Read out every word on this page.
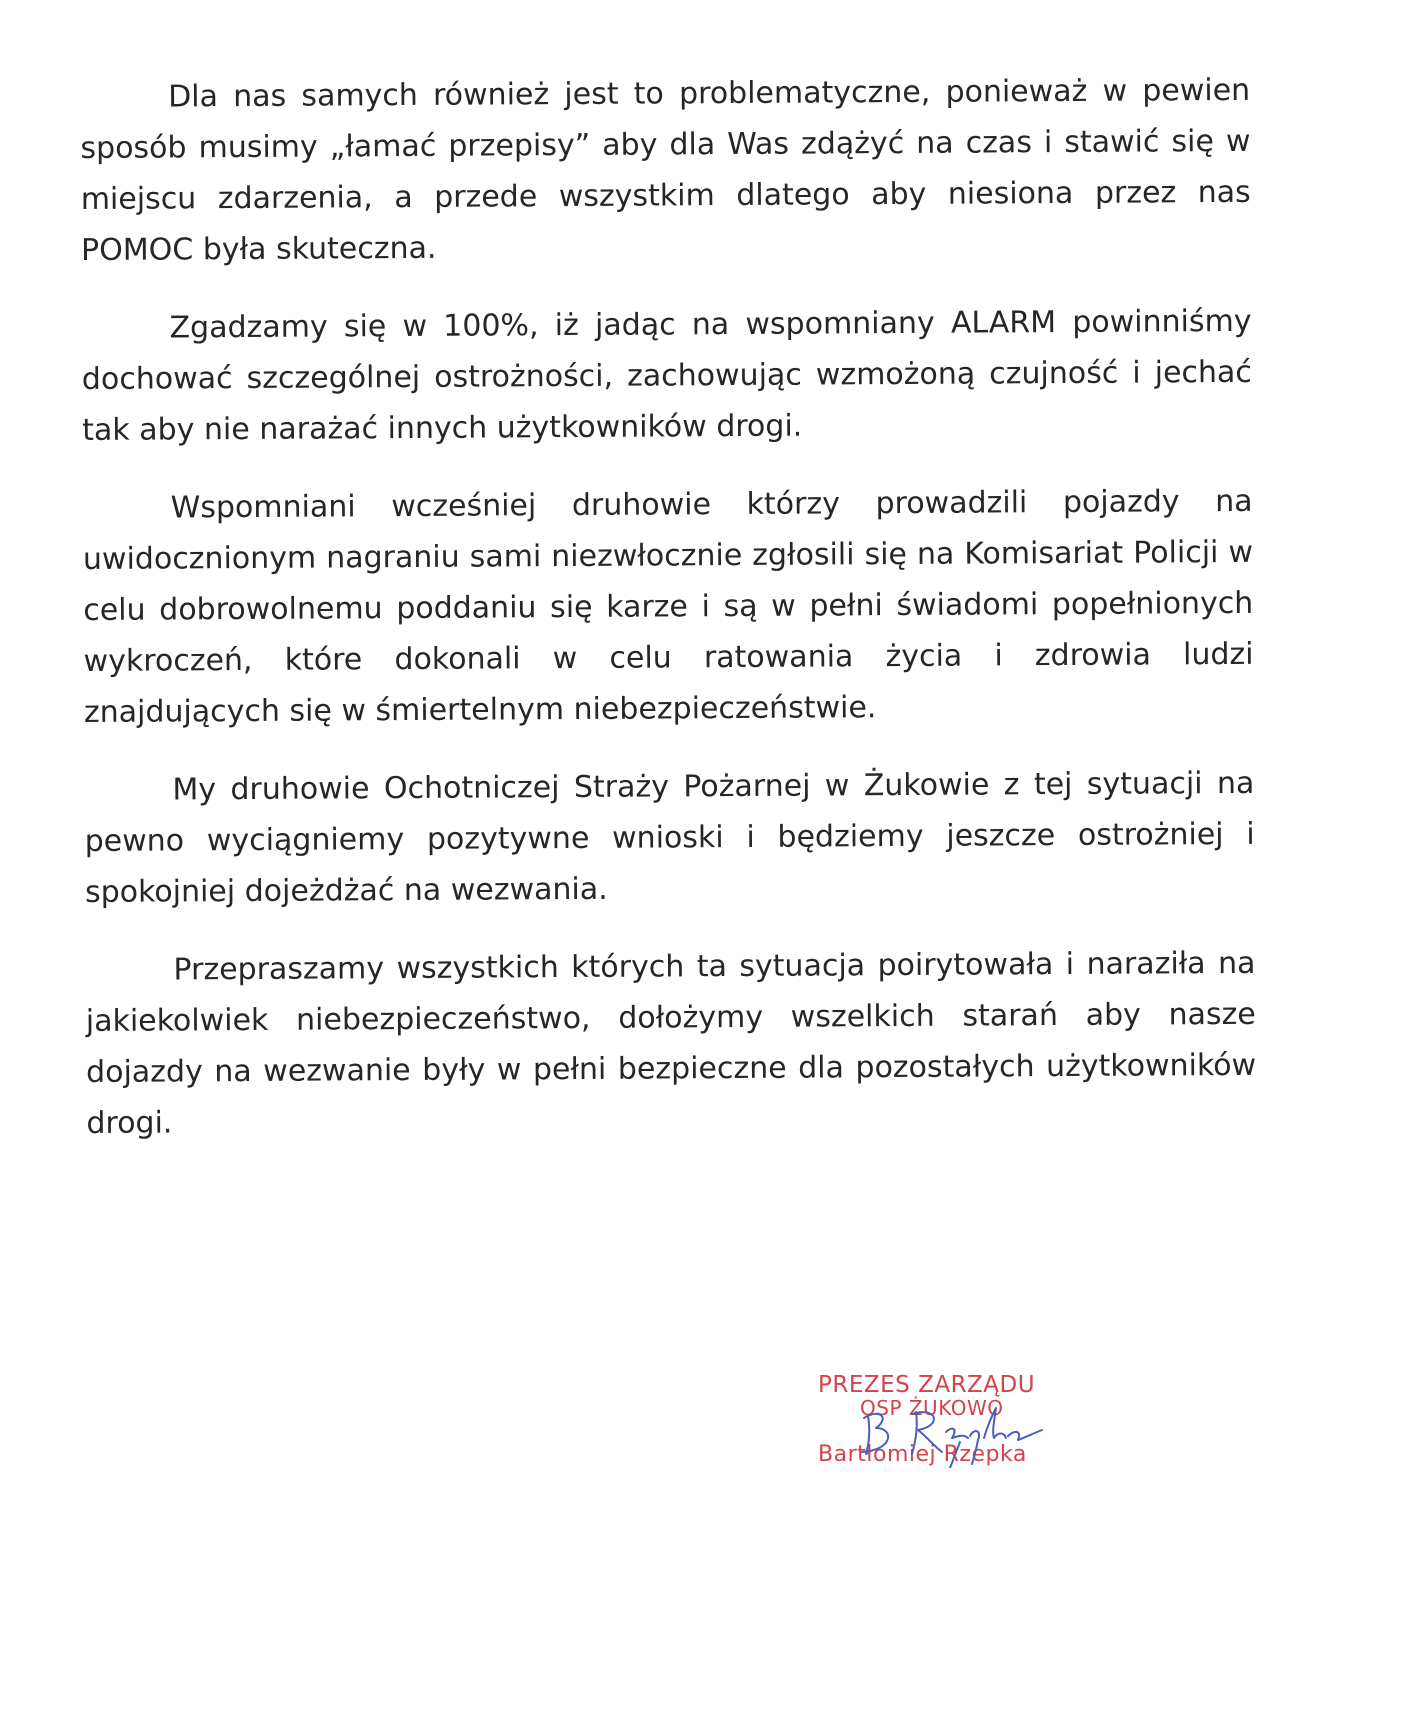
Dla nas samych również jest to problematyczne, ponieważ w pewien sposób musimy „łamać przepisy” aby dla Was zdążyć na czas i stawić się w miejscu zdarzenia, a przede wszystkim dlatego aby niesiona przez nas POMOC była skuteczna.

Zgadzamy się w 100%, iż jadąc na wspomniany ALARM powinniśmy dochować szczególnej ostrożności, zachowując wzmożoną czujność i jechać tak aby nie narażać innych użytkowników drogi.

Wspomniani wcześniej druhowie którzy prowadzili pojazdy na uwidocznionym nagraniu sami niezwłocznie zgłosili się na Komisariat Policji w celu dobrowolnemu poddaniu się karze i są w pełni świadomi popełnionych wykroczeń, które dokonali w celu ratowania życia i zdrowia ludzi znajdujących się w śmiertelnym niebezpieczeństwie.

My druhowie Ochotniczej Straży Pożarnej w Żukowie z tej sytuacji na pewno wyciągniemy pozytywne wnioski i będziemy jeszcze ostrożniej i spokojniej dojeżdżać na wezwania.

Przepraszamy wszystkich których ta sytuacja poirytowała i naraziła na jakiekolwiek niebezpieczeństwo, dołożymy wszelkich starań aby nasze dojazdy na wezwanie były w pełni bezpieczne dla pozostałych użytkowników drogi.

PREZES ZARZĄDU
OSP ŻUKOWO
Bartłomiej Rzepka
